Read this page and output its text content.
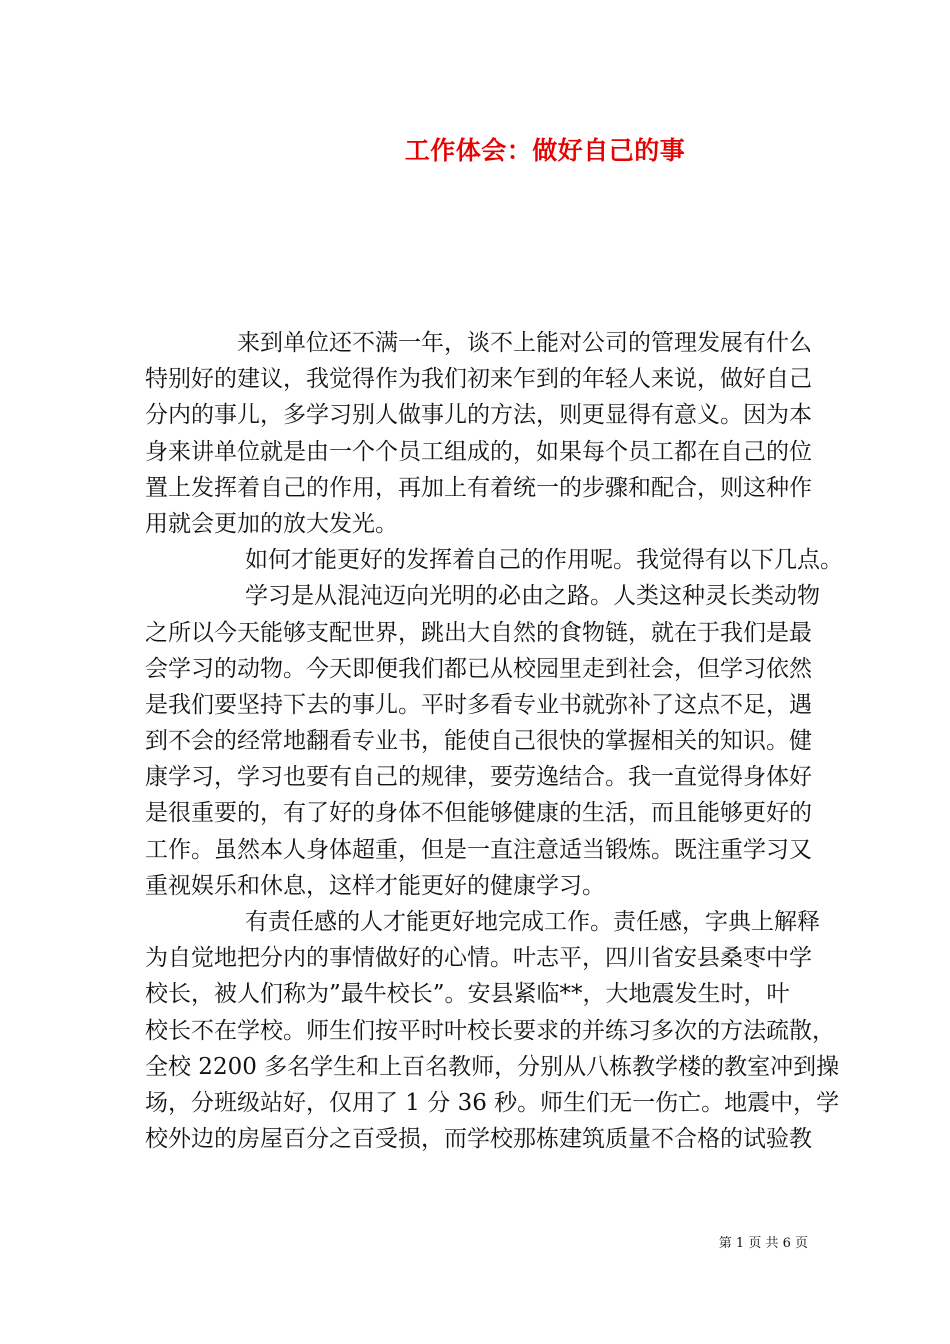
工作体会：做好自己的事
来到单位还不满一年，谈不上能对公司的管理发展有什么
特别好的建议，我觉得作为我们初来乍到的年轻人来说，做好自己
分内的事儿，多学习别人做事儿的方法，则更显得有意义。因为本
身来讲单位就是由一个个员工组成的，如果每个员工都在自己的位
置上发挥着自己的作用，再加上有着统一的步骤和配合，则这种作
用就会更加的放大发光。
如何才能更好的发挥着自己的作用呢。我觉得有以下几点。
学习是从混沌迈向光明的必由之路。人类这种灵长类动物
之所以今天能够支配世界，跳出大自然的食物链，就在于我们是最
会学习的动物。今天即便我们都已从校园里走到社会，但学习依然
是我们要坚持下去的事儿。平时多看专业书就弥补了这点不足，遇
到不会的经常地翻看专业书，能使自己很快的掌握相关的知识。健
康学习，学习也要有自己的规律，要劳逸结合。我一直觉得身体好
是很重要的，有了好的身体不但能够健康的生活，而且能够更好的
工作。虽然本人身体超重，但是一直注意适当锻炼。既注重学习又
重视娱乐和休息，这样才能更好的健康学习。
有责任感的人才能更好地完成工作。责任感，字典上解释
为自觉地把分内的事情做好的心情。叶志平，四川省安县桑枣中学
校长，被人们称为”最牛校长”。安县紧临**，大地震发生时，叶
校长不在学校。师生们按平时叶校长要求的并练习多次的方法疏散，
全校 2200 多名学生和上百名教师，分别从八栋教学楼的教室冲到操
场，分班级站好，仅用了 1 分 36 秒。师生们无一伤亡。地震中，学
校外边的房屋百分之百受损，而学校那栋建筑质量不合格的试验教
第 1 页 共 6 页
